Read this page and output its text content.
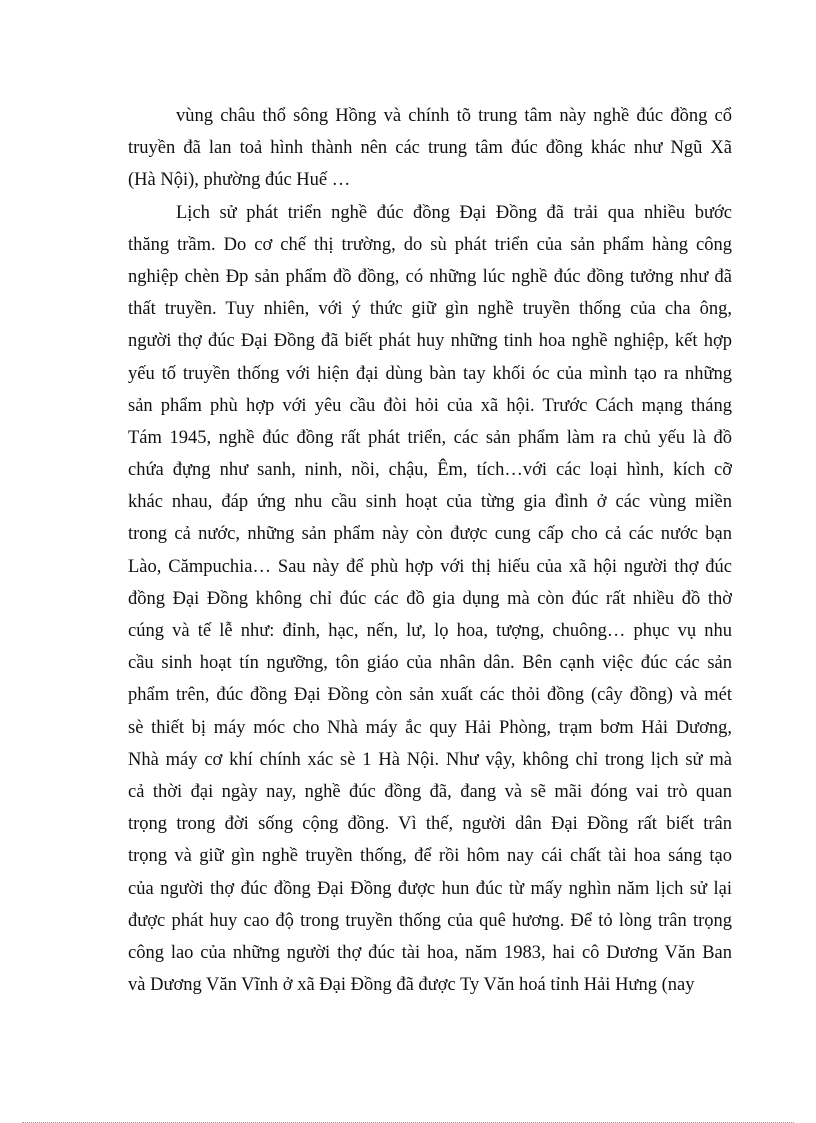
vùng châu thổ sông Hồng và chính tõ trung tâm này nghề đúc đồng cổ
truyền đã lan toả hình thành nên các trung tâm đúc đồng khác như Ngũ Xã
(Hà Nội), phường đúc Huế …
Lịch sử phát triển nghề đúc đồng Đại Đồng đã trải qua nhiều bước
thăng trầm. Do cơ chế thị trường, do sù phát triển của sản phẩm hàng công
nghiệp chèn Đp sản phẩm đồ đồng, có những lúc nghề đúc đồng tưởng như đã
thất truyền. Tuy nhiên, với ý thức giữ gìn nghề truyền thống của cha ông,
người thợ đúc Đại Đồng đã biết phát huy những tinh hoa nghề nghiệp, kết hợp
yếu tố truyền thống với hiện đại dùng bàn tay khối óc của mình tạo ra những
sản phẩm phù hợp với yêu cầu đòi hỏi của xã hội. Trước Cách mạng tháng
Tám 1945, nghề đúc đồng rất phát triển, các sản phẩm làm ra chủ yếu là đồ
chứa đựng như sanh, ninh, nồi, chậu, Êm, tích…với các loại hình, kích cỡ
khác nhau, đáp ứng nhu cầu sinh hoạt của từng gia đình ở các vùng miền
trong cả nước, những sản phẩm này còn được cung cấp cho cả các nước bạn
Lào, Cămpuchia… Sau này để phù hợp với thị hiếu của xã hội người thợ đúc
đồng Đại Đồng không chỉ đúc các đồ gia dụng mà còn đúc rất nhiều đồ thờ
cúng và tế lễ như: đỉnh, hạc, nến, lư, lọ hoa, tượng, chuông… phục vụ nhu
cầu sinh hoạt tín ngưỡng, tôn giáo của nhân dân. Bên cạnh việc đúc các sản
phẩm trên, đúc đồng Đại Đồng còn sản xuất các thỏi đồng (cây đồng) và mét
sè thiết bị máy móc cho Nhà máy ắc quy Hải Phòng, trạm bơm Hải Dương,
Nhà máy cơ khí chính xác sè 1 Hà Nội. Như vậy, không chỉ trong lịch sử mà
cả thời đại ngày nay, nghề đúc đồng đã, đang và sẽ mãi đóng vai trò quan
trọng trong đời sống cộng đồng. Vì thế, người dân Đại Đồng rất biết trân
trọng và giữ gìn nghề truyền thống, để rồi hôm nay cái chất tài hoa sáng tạo
của người thợ đúc đồng Đại Đồng được hun đúc từ mấy nghìn năm lịch sử lại
được phát huy cao độ trong truyền thống của quê hương. Để tỏ lòng trân trọng
công lao của những người thợ đúc tài hoa, năm 1983, hai cô Dương Văn Ban
và Dương Văn Vĩnh ở xã Đại Đồng đã được Ty Văn hoá tỉnh Hải Hưng (nay
